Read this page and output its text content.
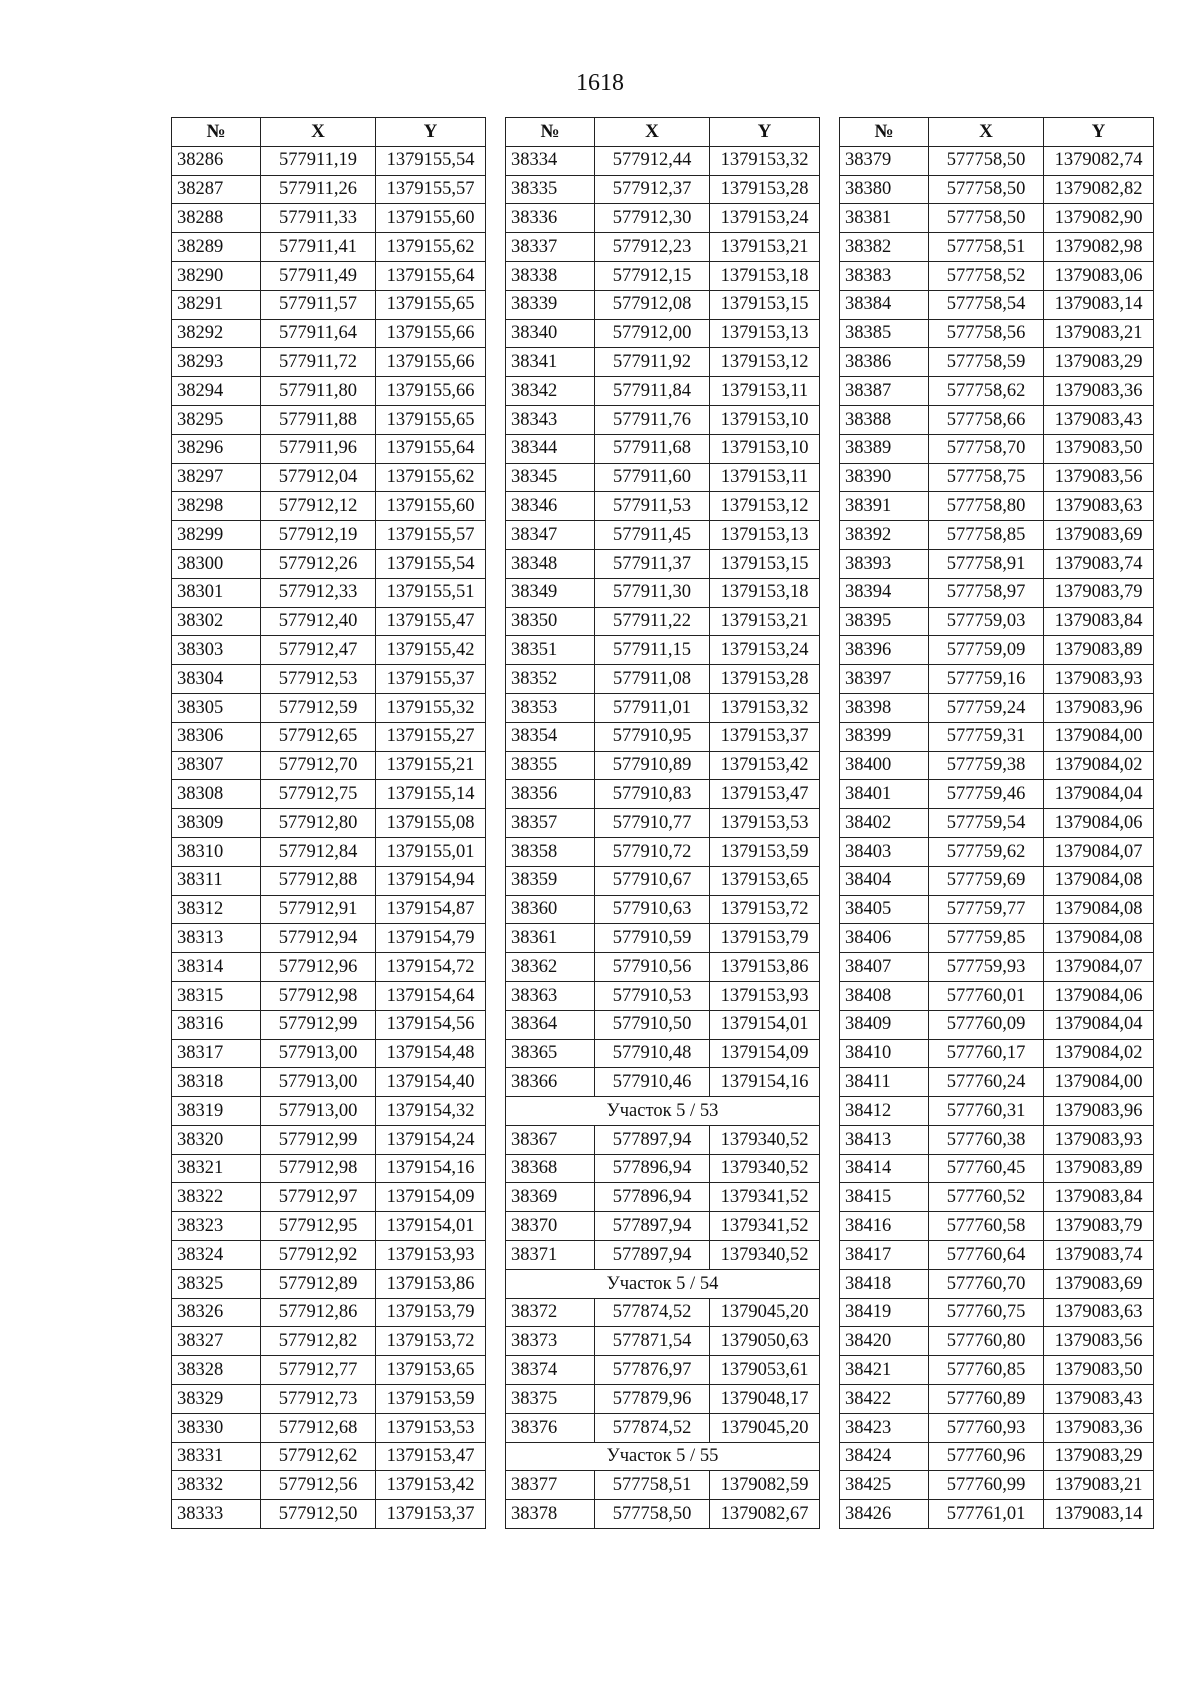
1618
№	X	Y
38286	577911,19	1379155,54
38287	577911,26	1379155,57
38288	577911,33	1379155,60
38289	577911,41	1379155,62
38290	577911,49	1379155,64
38291	577911,57	1379155,65
38292	577911,64	1379155,66
38293	577911,72	1379155,66
38294	577911,80	1379155,66
38295	577911,88	1379155,65
38296	577911,96	1379155,64
38297	577912,04	1379155,62
38298	577912,12	1379155,60
38299	577912,19	1379155,57
38300	577912,26	1379155,54
38301	577912,33	1379155,51
38302	577912,40	1379155,47
38303	577912,47	1379155,42
38304	577912,53	1379155,37
38305	577912,59	1379155,32
38306	577912,65	1379155,27
38307	577912,70	1379155,21
38308	577912,75	1379155,14
38309	577912,80	1379155,08
38310	577912,84	1379155,01
38311	577912,88	1379154,94
38312	577912,91	1379154,87
38313	577912,94	1379154,79
38314	577912,96	1379154,72
38315	577912,98	1379154,64
38316	577912,99	1379154,56
38317	577913,00	1379154,48
38318	577913,00	1379154,40
38319	577913,00	1379154,32
38320	577912,99	1379154,24
38321	577912,98	1379154,16
38322	577912,97	1379154,09
38323	577912,95	1379154,01
38324	577912,92	1379153,93
38325	577912,89	1379153,86
38326	577912,86	1379153,79
38327	577912,82	1379153,72
38328	577912,77	1379153,65
38329	577912,73	1379153,59
38330	577912,68	1379153,53
38331	577912,62	1379153,47
38332	577912,56	1379153,42
38333	577912,50	1379153,37
№	X	Y
38334	577912,44	1379153,32
38335	577912,37	1379153,28
38336	577912,30	1379153,24
38337	577912,23	1379153,21
38338	577912,15	1379153,18
38339	577912,08	1379153,15
38340	577912,00	1379153,13
38341	577911,92	1379153,12
38342	577911,84	1379153,11
38343	577911,76	1379153,10
38344	577911,68	1379153,10
38345	577911,60	1379153,11
38346	577911,53	1379153,12
38347	577911,45	1379153,13
38348	577911,37	1379153,15
38349	577911,30	1379153,18
38350	577911,22	1379153,21
38351	577911,15	1379153,24
38352	577911,08	1379153,28
38353	577911,01	1379153,32
38354	577910,95	1379153,37
38355	577910,89	1379153,42
38356	577910,83	1379153,47
38357	577910,77	1379153,53
38358	577910,72	1379153,59
38359	577910,67	1379153,65
38360	577910,63	1379153,72
38361	577910,59	1379153,79
38362	577910,56	1379153,86
38363	577910,53	1379153,93
38364	577910,50	1379154,01
38365	577910,48	1379154,09
38366	577910,46	1379154,16
Участок 5 / 53		
38367	577897,94	1379340,52
38368	577896,94	1379340,52
38369	577896,94	1379341,52
38370	577897,94	1379341,52
38371	577897,94	1379340,52
Участок 5 / 54		
38372	577874,52	1379045,20
38373	577871,54	1379050,63
38374	577876,97	1379053,61
38375	577879,96	1379048,17
38376	577874,52	1379045,20
Участок 5 / 55		
38377	577758,51	1379082,59
38378	577758,50	1379082,67
№	X	Y
38379	577758,50	1379082,74
38380	577758,50	1379082,82
38381	577758,50	1379082,90
38382	577758,51	1379082,98
38383	577758,52	1379083,06
38384	577758,54	1379083,14
38385	577758,56	1379083,21
38386	577758,59	1379083,29
38387	577758,62	1379083,36
38388	577758,66	1379083,43
38389	577758,70	1379083,50
38390	577758,75	1379083,56
38391	577758,80	1379083,63
38392	577758,85	1379083,69
38393	577758,91	1379083,74
38394	577758,97	1379083,79
38395	577759,03	1379083,84
38396	577759,09	1379083,89
38397	577759,16	1379083,93
38398	577759,24	1379083,96
38399	577759,31	1379084,00
38400	577759,38	1379084,02
38401	577759,46	1379084,04
38402	577759,54	1379084,06
38403	577759,62	1379084,07
38404	577759,69	1379084,08
38405	577759,77	1379084,08
38406	577759,85	1379084,08
38407	577759,93	1379084,07
38408	577760,01	1379084,06
38409	577760,09	1379084,04
38410	577760,17	1379084,02
38411	577760,24	1379084,00
38412	577760,31	1379083,96
38413	577760,38	1379083,93
38414	577760,45	1379083,89
38415	577760,52	1379083,84
38416	577760,58	1379083,79
38417	577760,64	1379083,74
38418	577760,70	1379083,69
38419	577760,75	1379083,63
38420	577760,80	1379083,56
38421	577760,85	1379083,50
38422	577760,89	1379083,43
38423	577760,93	1379083,36
38424	577760,96	1379083,29
38425	577760,99	1379083,21
38426	577761,01	1379083,14
